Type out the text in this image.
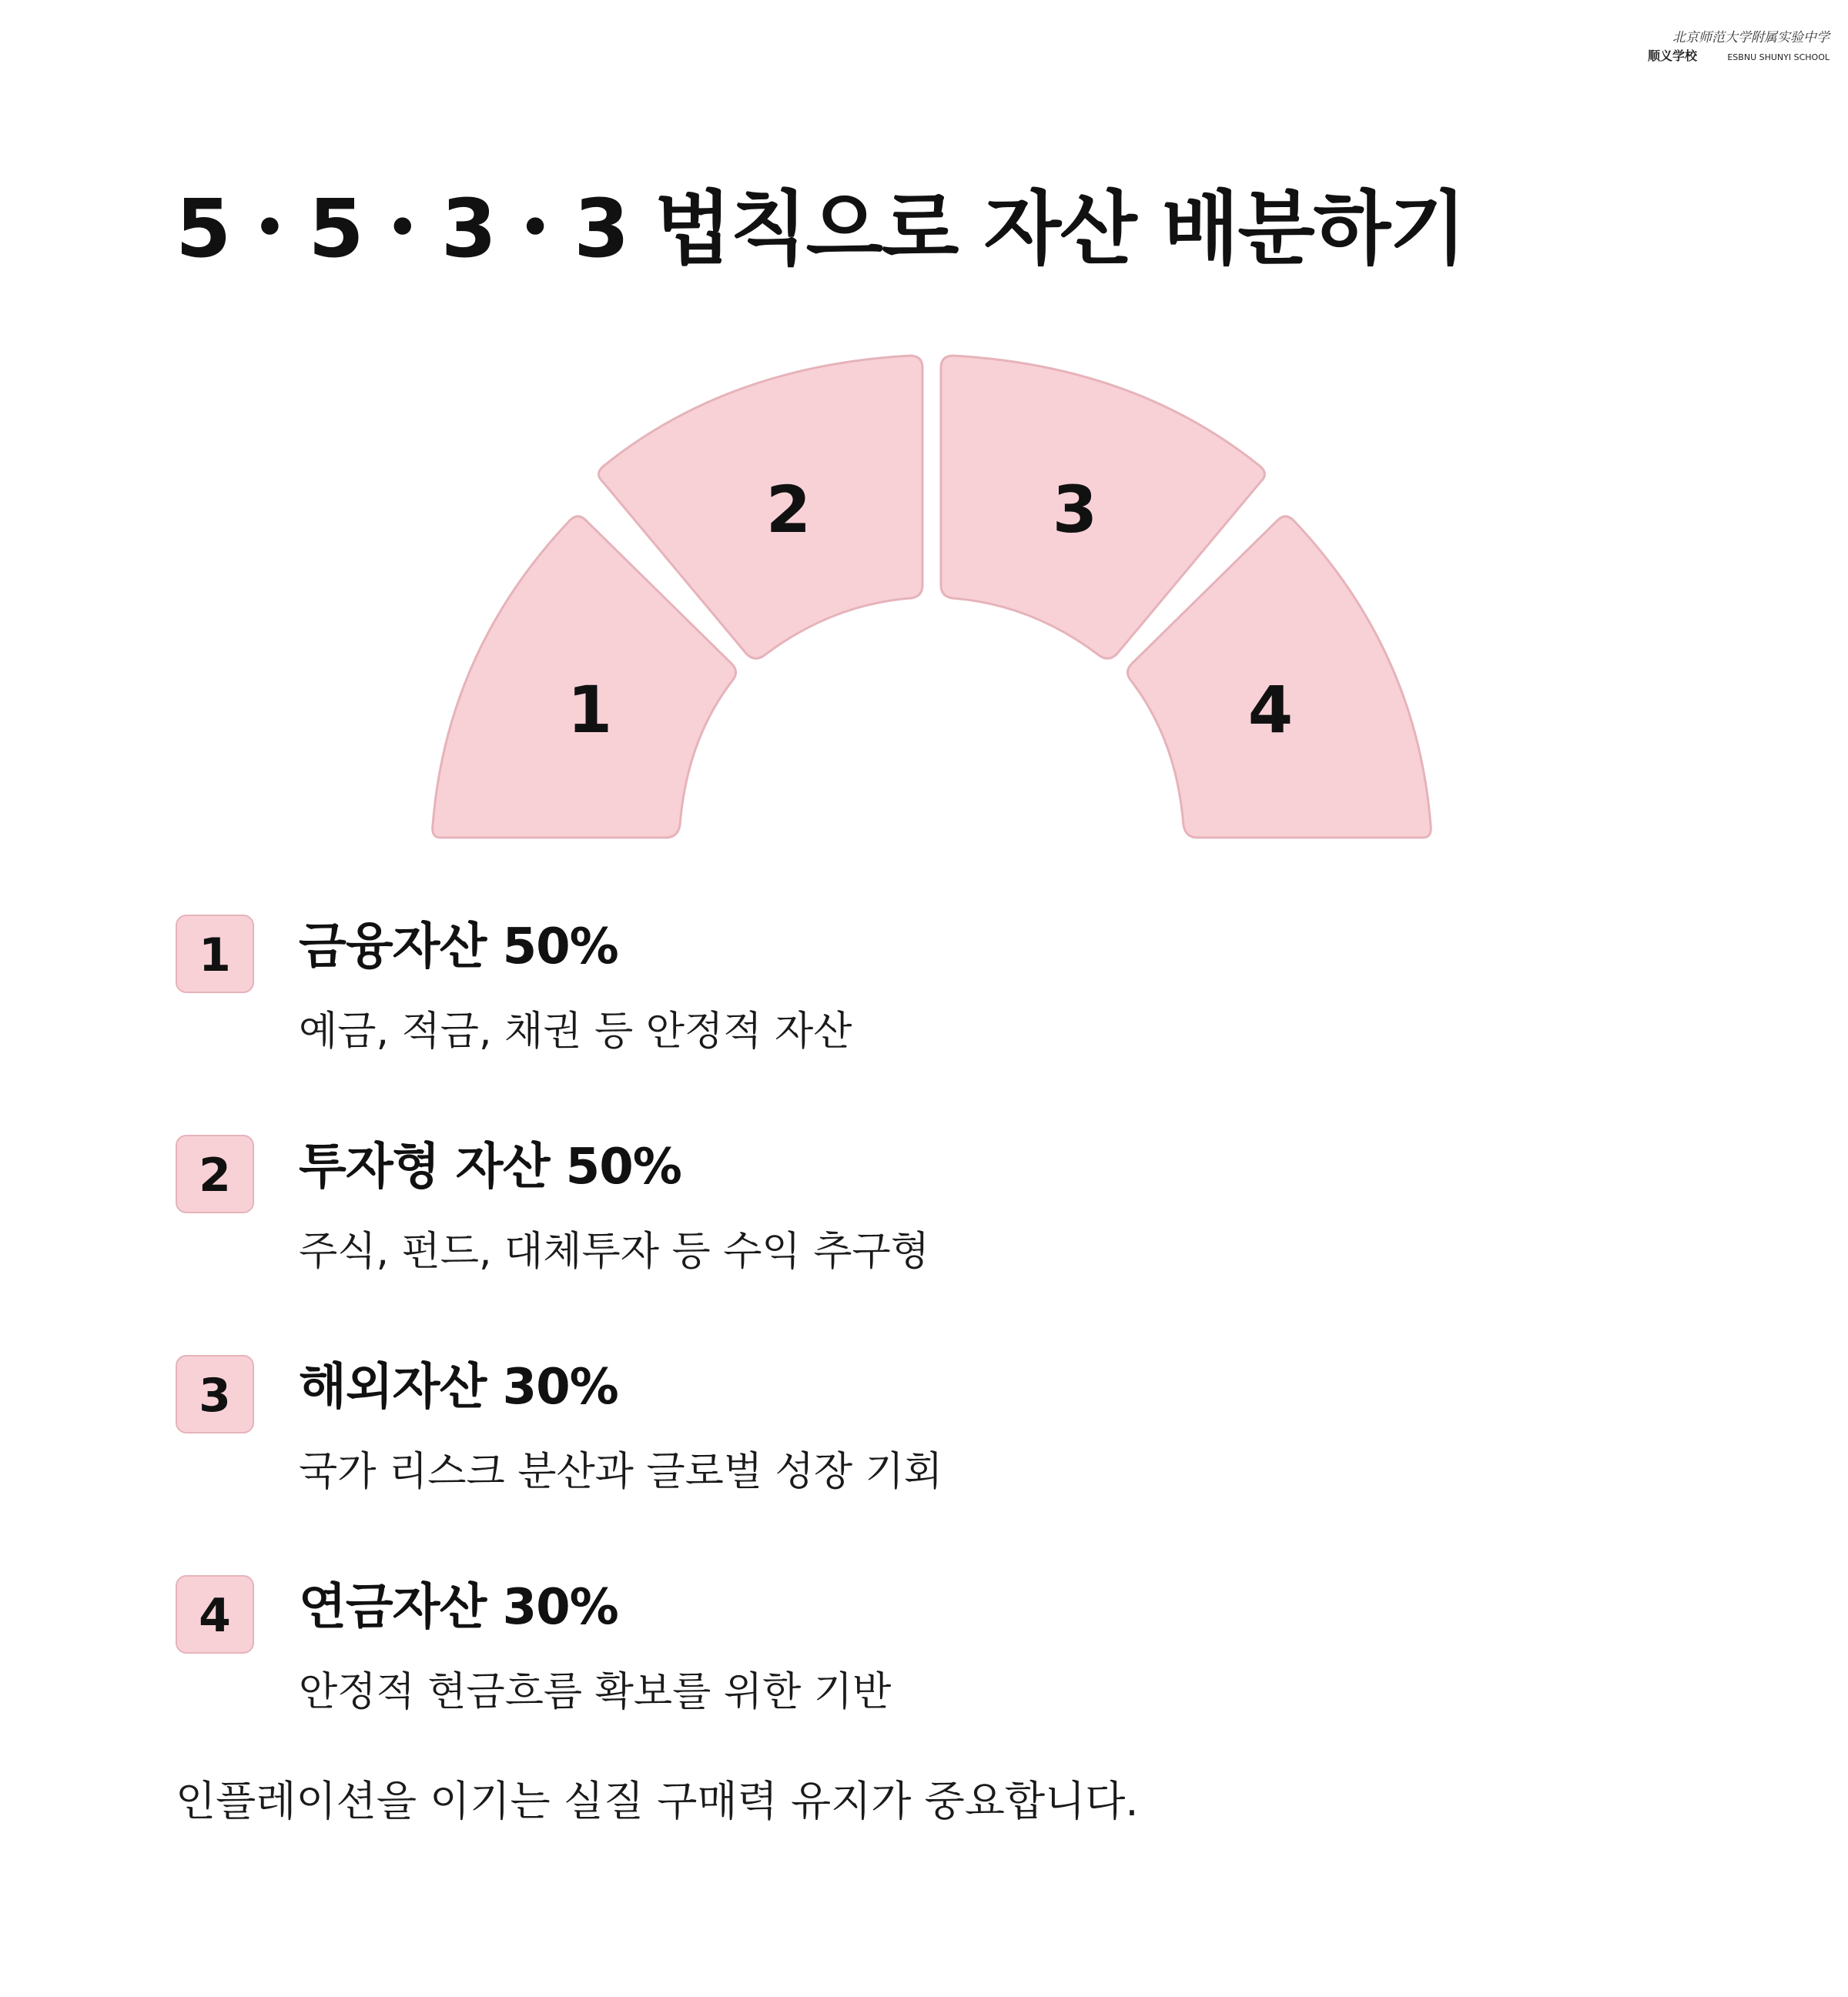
北京师范大学附属实验中学
顺义学校	ESBNU SHUNYI SCHOOL
5・5・3・3 법칙으로 자산 배분하기
1
2	3
4
1 금융자산 50%

예금, 적금, 채권 등 안정적 자산

2 투자형 자산 50%

주식, 펀드, 대체투자 등 수익 추구형

3 해외자산 30%

국가 리스크 분산과 글로벌 성장 기회

4 연금자산 30%

안정적 현금흐름 확보를 위한 기반

인플레이션을 이기는 실질 구매력 유지가 중요합니다.
